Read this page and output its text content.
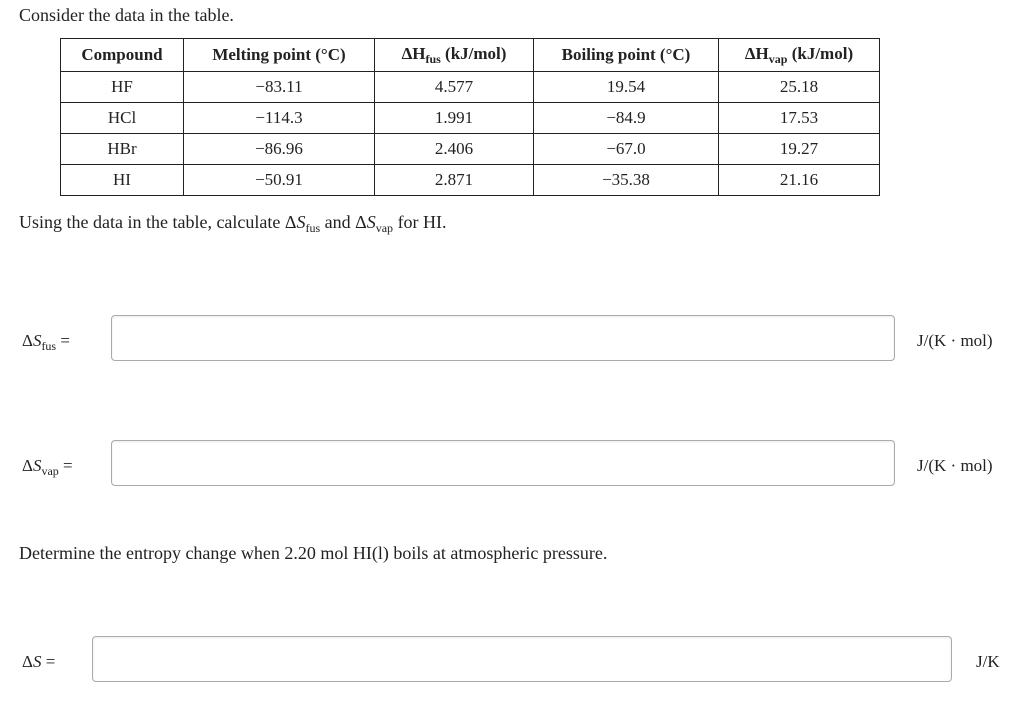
Consider the data in the table.
Compound	Melting point (°C)	$\Delta H_{fus}$ (kJ/mol)	Boiling point (°C)	$\Delta H_{vap}$ (kJ/mol)
HF	−83.11	4.577	19.54	25.18
HCl	−114.3	1.991	−84.9	17.53
HBr	−86.96	2.406	−67.0	19.27
HI	−50.91	2.871	−35.38	21.16
Using the data in the table, calculate $\Delta S_{fus}$ and $\Delta S_{vap}$ for HI.
$\Delta S_{fus}$ =	J/(K · mol)
$\Delta S_{vap}$ =	J/(K · mol)
Determine the entropy change when 2.20 mol HI(l) boils at atmospheric pressure.
ΔS =	J/K
